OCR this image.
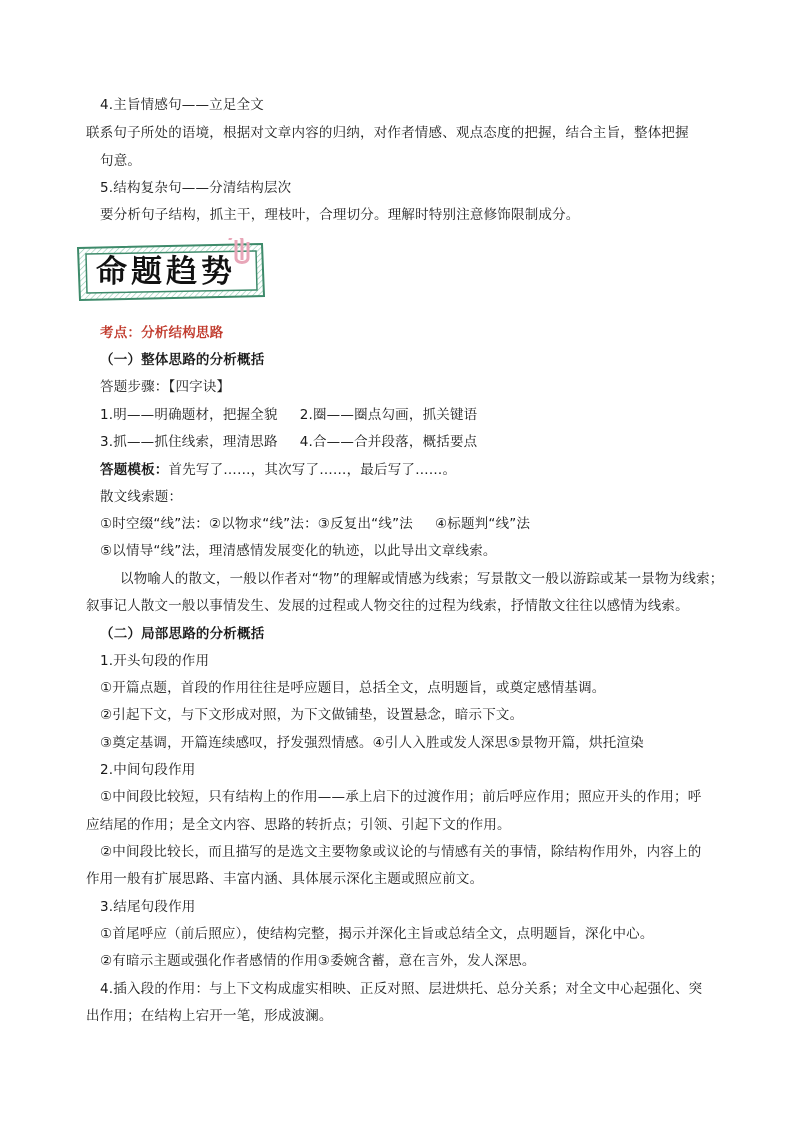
4.主旨情感句——立足全文
联系句子所处的语境，根据对文章内容的归纳，对作者情感、观点态度的把握，结合主旨，整体把握
句意。
5.结构复杂句——分清结构层次
要分析句子结构，抓主干，理枝叶，合理切分。理解时特别注意修饰限制成分。
命题趋势
考点：分析结构思路
（一）整体思路的分析概括
答题步骤：【四字诀】
1.明——明确题材，把握全貌 2.圈——圈点勾画，抓关键语
3.抓——抓住线索，理清思路 4.合——合并段落，概括要点
答题模板：首先写了……，其次写了……，最后写了……。
散文线索题：
①时空缀“线”法：②以物求“线”法：③反复出“线”法 ④标题判“线”法
⑤以情导“线”法，理清感情发展变化的轨迹，以此导出文章线索。
以物喻人的散文，一般以作者对“物”的理解或情感为线索；写景散文一般以游踪或某一景物为线索；
叙事记人散文一般以事情发生、发展的过程或人物交往的过程为线索，抒情散文往往以感情为线索。
（二）局部思路的分析概括
1.开头句段的作用
①开篇点题，首段的作用往往是呼应题目，总括全文，点明题旨，或奠定感情基调。
②引起下文，与下文形成对照，为下文做铺垫，设置悬念，暗示下文。
③奠定基调，开篇连续感叹，抒发强烈情感。④引人入胜或发人深思⑤景物开篇，烘托渲染
2.中间句段作用
①中间段比较短，只有结构上的作用——承上启下的过渡作用；前后呼应作用；照应开头的作用；呼
应结尾的作用；是全文内容、思路的转折点；引领、引起下文的作用。
②中间段比较长，而且描写的是选文主要物象或议论的与情感有关的事情，除结构作用外，内容上的
作用一般有扩展思路、丰富内涵、具体展示深化主题或照应前文。
3.结尾句段作用
①首尾呼应（前后照应），使结构完整，揭示并深化主旨或总结全文，点明题旨，深化中心。
②有暗示主题或强化作者感情的作用③委婉含蓄，意在言外，发人深思。
4.插入段的作用：与上下文构成虚实相映、正反对照、层进烘托、总分关系；对全文中心起强化、突
出作用；在结构上宕开一笔，形成波澜。
